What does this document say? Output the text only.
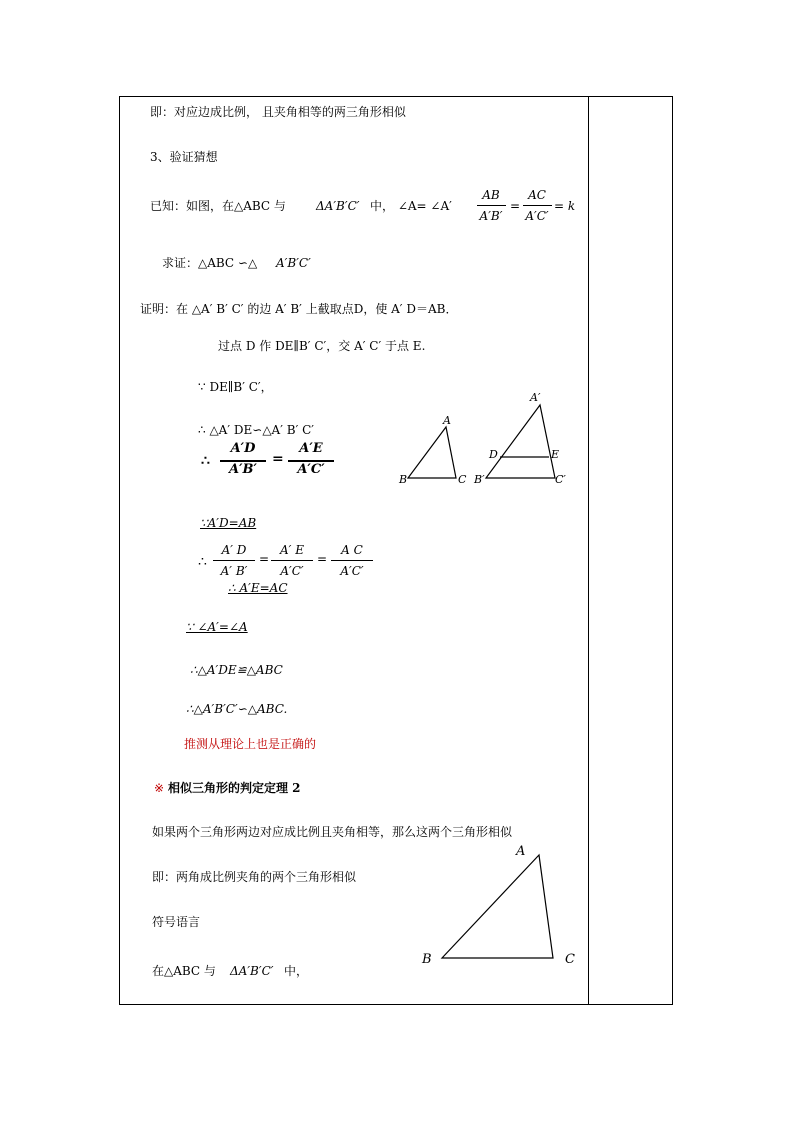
即：对应边成比例， 且夹角相等的两三角形相似
3、验证猜想
已知：如图，在△ABC 与	ΔA′B′C′ 中， ∠A= ∠A′
AB
A′B′
=
AC
A′C′
= k
求证：△ABC ∽△ A′B′C′
证明：在 △A′ B′ C′ 的边 A′ B′ 上截取点D，使 A′ D＝AB．
过点 D 作 DE∥B′ C′，交 A′ C′ 于点 E.
∵ DE∥B′ C′，
∴ △A′ DE∽△A′ B′ C′
∴
A′D
A′B′
=
A′E
A′C′
A
B	C
A′
D	E
B′	C′
∵A′D=AB
∴
A′ D
A′ B′
=
A′ E
A′C′
=
A C
A′C′
∴ A′E=AC
∵ ∠A′=∠A
∴△A′DE≌△ABC
∴△A′B′C′∽△ABC.
推测从理论上也是正确的
※ 相似三角形的判定定理 2
如果两个三角形两边对应成比例且夹角相等，那么这两个三角形相似
即：两角成比例夹角的两个三角形相似
符号语言
在△ABC 与 ΔA′B′C′ 中，
A
B	C
